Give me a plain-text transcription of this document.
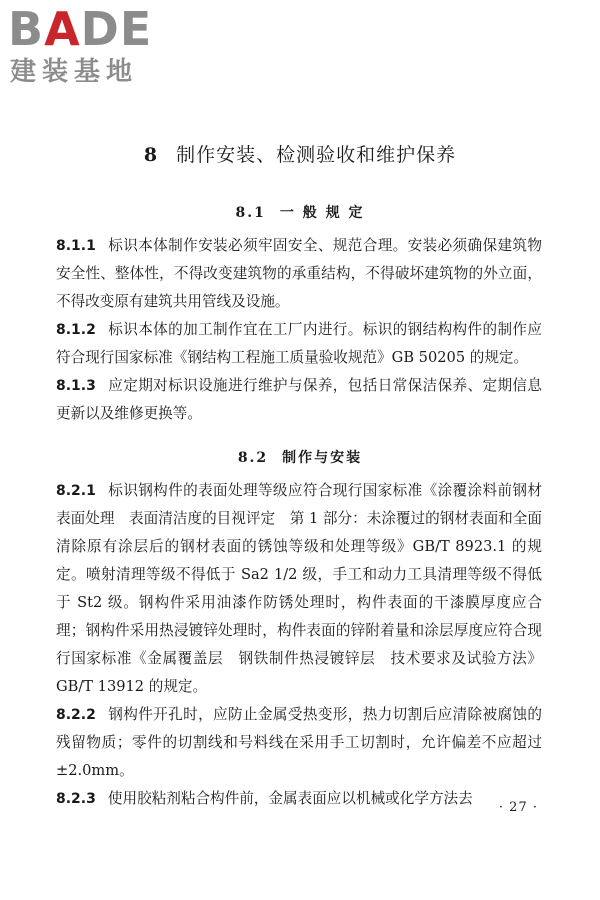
BADE
建装基地
8 制作安装、检测验收和维护保养
8.1 一 般 规 定

8.1.1 标识本体制作安装必须牢固安全、规范合理。安装必须确保建筑物安全性、整体性，不得改变建筑物的承重结构，不得破坏建筑物的外立面，不得改变原有建筑共用管线及设施。

8.1.2 标识本体的加工制作宜在工厂内进行。标识的钢结构构件的制作应符合现行国家标准《钢结构工程施工质量验收规范》GB 50205 的规定。

8.1.3 应定期对标识设施进行维护与保养，包括日常保洁保养、定期信息更新以及维修更换等。

8.2 制作与安装

8.2.1 标识钢构件的表面处理等级应符合现行国家标准《涂覆涂料前钢材表面处理　表面清洁度的目视评定　第 1 部分：未涂覆过的钢材表面和全面清除原有涂层后的钢材表面的锈蚀等级和处理等级》GB/T 8923.1 的规定。喷射清理等级不得低于 Sa2 1/2 级，手工和动力工具清理等级不得低于 St2 级。钢构件采用油漆作防锈处理时，构件表面的干漆膜厚度应合理；钢构件采用热浸镀锌处理时，构件表面的锌附着量和涂层厚度应符合现行国家标准《金属覆盖层　钢铁制件热浸镀锌层　技术要求及试验方法》GB/T 13912 的规定。

8.2.2 钢构件开孔时，应防止金属受热变形，热力切割后应清除被腐蚀的残留物质；零件的切割线和号料线在采用手工切割时，允许偏差不应超过±2.0mm。

8.2.3 使用胶粘剂粘合构件前，金属表面应以机械或化学方法去

· 27 ·
